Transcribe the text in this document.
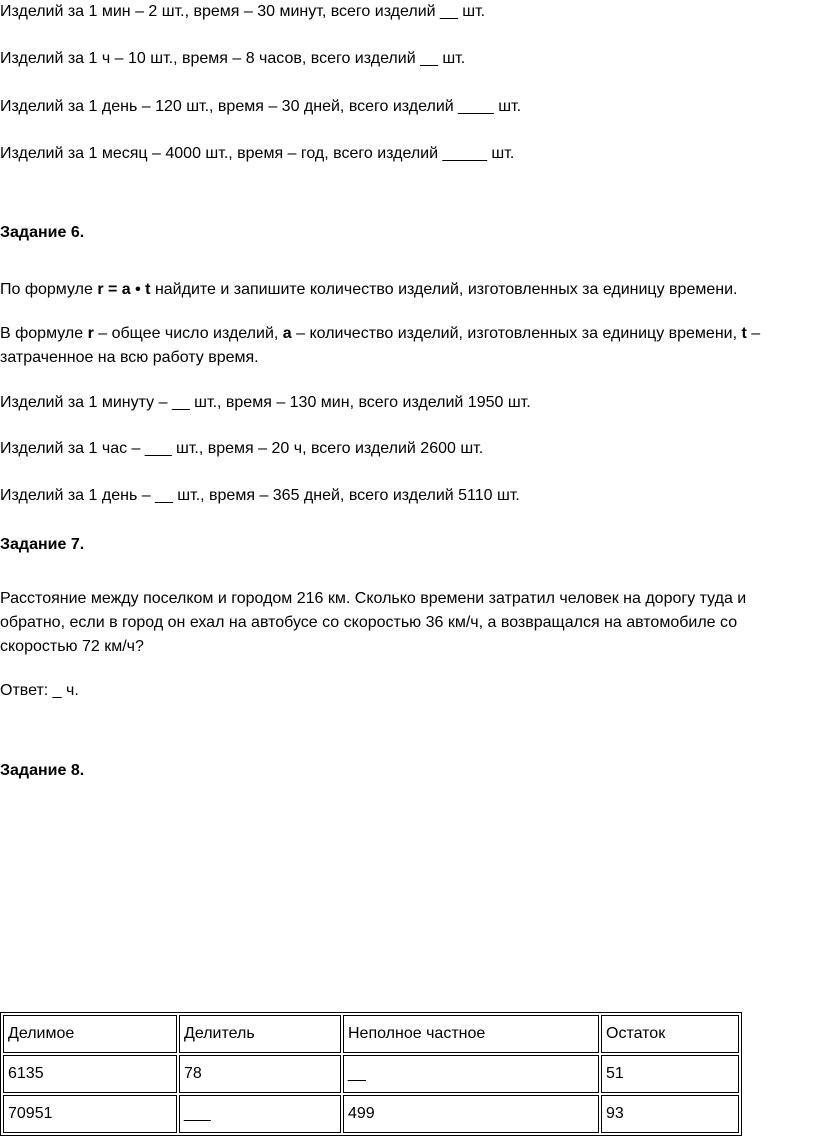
Изделий за 1 мин – 2 шт., время – 30 минут, всего изделий __ шт.

Изделий за 1 ч – 10 шт., время – 8 часов, всего изделий __ шт.

Изделий за 1 день – 120 шт., время – 30 дней, всего изделий ____ шт.

Изделий за 1 месяц – 4000 шт., время – год, всего изделий _____ шт.

Задание 6.

По формуле r = a • t найдите и запишите количество изделий, изготовленных за единицу времени.

В формуле r – общее число изделий, a – количество изделий, изготовленных за единицу времени, t – затраченное на всю работу время.

Изделий за 1 минуту – __ шт., время – 130 мин, всего изделий 1950 шт.

Изделий за 1 час – ___ шт., время – 20 ч, всего изделий 2600 шт.

Изделий за 1 день – __ шт., время – 365 дней, всего изделий 5110 шт.

Задание 7.

Расстояние между поселком и городом 216 км. Сколько времени затратил человек на дорогу туда и обратно, если в город он ехал на автобусе со скоростью 36 км/ч, а возвращался на автомобиле со скоростью 72 км/ч?

Ответ: _ ч.

Задание 8.

Делимое	Делитель	Неполное частное	Остаток
6135	78	__	51
70951	___	499	93
